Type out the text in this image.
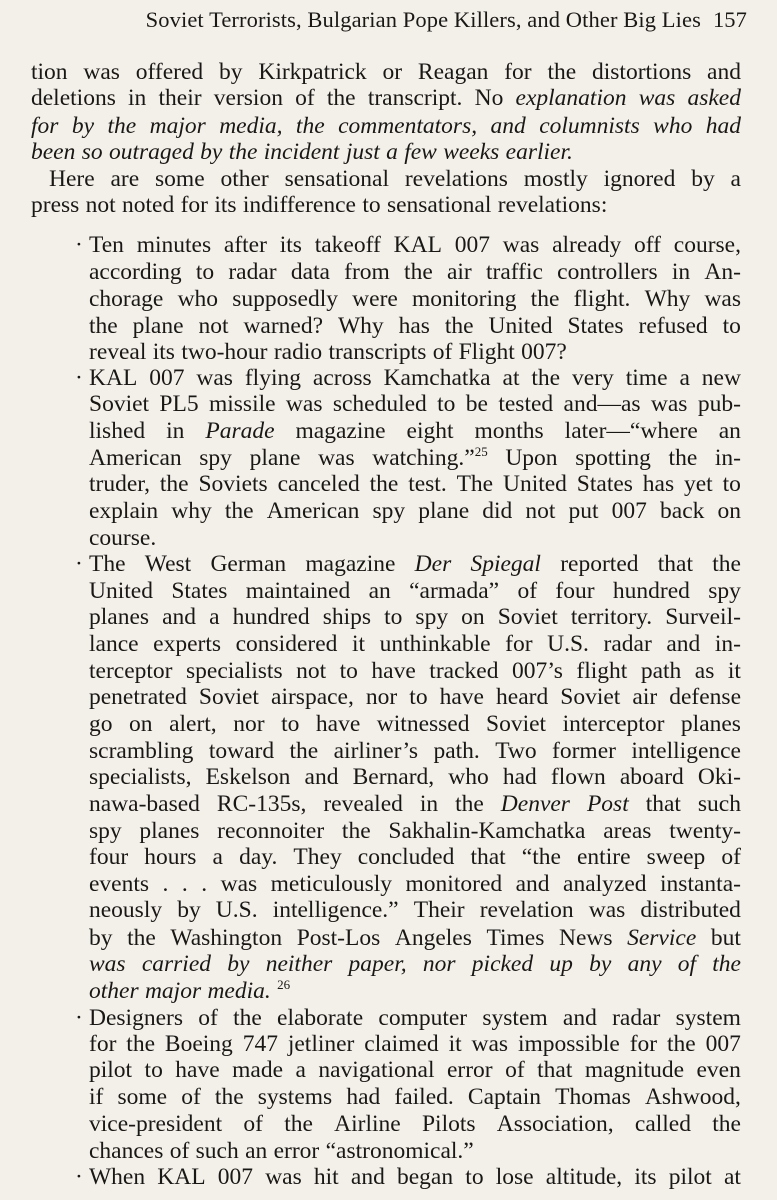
Soviet Terrorists, Bulgarian Pope Killers, and Other Big Lies 157
tion was offered by Kirkpatrick or Reagan for the distortions and
deletions in their version of the transcript. No explanation was asked
for by the major media, the commentators, and columnists who had
been so outraged by the incident just a few weeks earlier.
Here are some other sensational revelations mostly ignored by a
press not noted for its indifference to sensational revelations:
Ten minutes after its takeoff KAL 007 was already off course,
according to radar data from the air traffic controllers in An-
chorage who supposedly were monitoring the flight. Why was
the plane not warned? Why has the United States refused to
reveal its two-hour radio transcripts of Flight 007?
KAL 007 was flying across Kamchatka at the very time a new
Soviet PL5 missile was scheduled to be tested and—as was pub-
lished in Parade magazine eight months later—“where an
American spy plane was watching.”$^{25}$ Upon spotting the in-
truder, the Soviets canceled the test. The United States has yet to
explain why the American spy plane did not put 007 back on
course.
The West German magazine Der Spiegal reported that the
United States maintained an “armada” of four hundred spy
planes and a hundred ships to spy on Soviet territory. Surveil-
lance experts considered it unthinkable for U.S. radar and in-
terceptor specialists not to have tracked 007’s flight path as it
penetrated Soviet airspace, nor to have heard Soviet air defense
go on alert, nor to have witnessed Soviet interceptor planes
scrambling toward the airliner’s path. Two former intelligence
specialists, Eskelson and Bernard, who had flown aboard Oki-
nawa-based RC-135s, revealed in the Denver Post that such
spy planes reconnoiter the Sakhalin-Kamchatka areas twenty-
four hours a day. They concluded that “the entire sweep of
events . . . was meticulously monitored and analyzed instanta-
neously by U.S. intelligence.” Their revelation was distributed
by the Washington Post-Los Angeles Times News Service but
was carried by neither paper, nor picked up by any of the
other major media. $^{26}$
Designers of the elaborate computer system and radar system
for the Boeing 747 jetliner claimed it was impossible for the 007
pilot to have made a navigational error of that magnitude even
if some of the systems had failed. Captain Thomas Ashwood,
vice-president of the Airline Pilots Association, called the
chances of such an error “astronomical.”
When KAL 007 was hit and began to lose altitude, its pilot at
·
·
·
·
·
